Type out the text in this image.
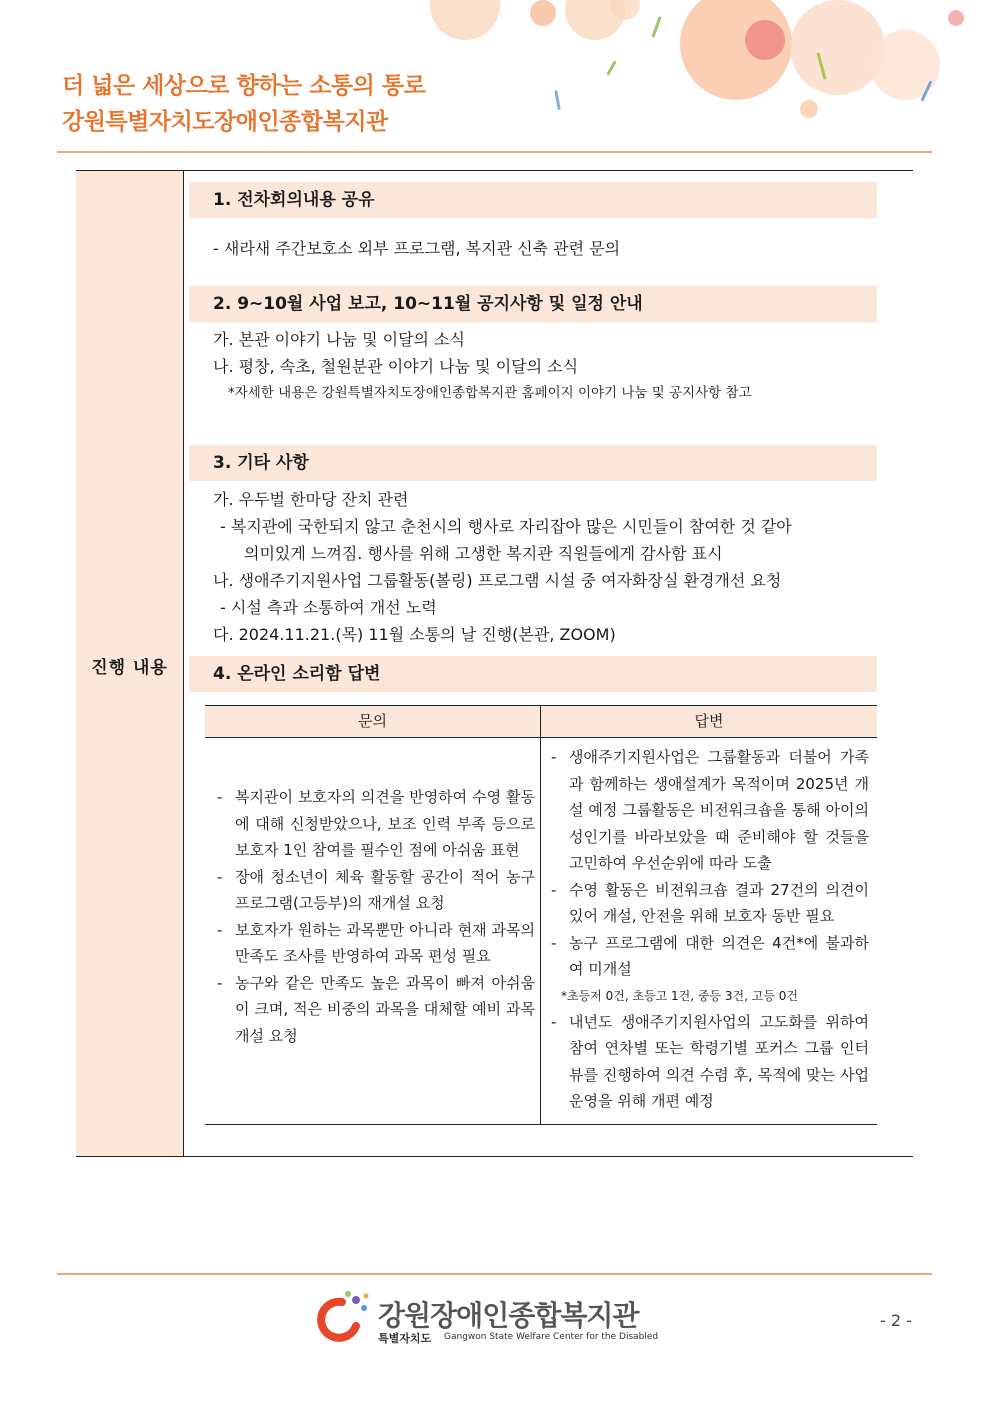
더 넓은 세상으로 향하는 소통의 통로
강원특별자치도장애인종합복지관
진행 내용
1. 전차회의내용 공유
- 새라새 주간보호소 외부 프로그램, 복지관 신축 관련 문의
2. 9~10월 사업 보고, 10~11월 공지사항 및 일정 안내
가. 본관 이야기 나눔 및 이달의 소식
나. 평창, 속초, 철원분관 이야기 나눔 및 이달의 소식
*자세한 내용은 강원특별자치도장애인종합복지관 홈페이지 이야기 나눔 및 공지사항 참고
3. 기타 사항
가. 우두벌 한마당 잔치 관련
- 복지관에 국한되지 않고 춘천시의 행사로 자리잡아 많은 시민들이 참여한 것 같아
의미있게 느껴짐. 행사를 위해 고생한 복지관 직원들에게 감사함 표시
나. 생애주기지원사업 그룹활동(볼링) 프로그램 시설 중 여자화장실 환경개선 요청
- 시설 측과 소통하여 개선 노력
다. 2024.11.21.(목) 11월 소통의 날 진행(본관, ZOOM)
4. 온라인 소리함 답변
문의	답변
- 복지관이 보호자의 의견을 반영하여 수영 활동에 대해 신청받았으나, 보조 인력 부족 등으로 보호자 1인 참여를 필수인 점에 아쉬움 표현
- 장애 청소년이 체육 활동할 공간이 적어 농구 프로그램(고등부)의 재개설 요청
- 보호자가 원하는 과목뿐만 아니라 현재 과목의 만족도 조사를 반영하여 과목 편성 필요
- 농구와 같은 만족도 높은 과목이 빠져 아쉬움이 크며, 적은 비중의 과목을 대체할 예비 과목 개설 요청
- 생애주기지원사업은 그룹활동과 더불어 가족과 함께하는 생애설계가 목적이며 2025년 개설 예정 그룹활동은 비전워크숍을 통해 아이의 성인기를 바라보았을 때 준비해야 할 것들을 고민하여 우선순위에 따라 도출
- 수영 활동은 비전워크숍 결과 27건의 의견이 있어 개설, 안전을 위해 보호자 동반 필요
- 농구 프로그램에 대한 의견은 4건*에 불과하여 미개설
*초등저 0건, 초등고 1건, 중등 3건, 고등 0건
- 내년도 생애주기지원사업의 고도화를 위하여 참여 연차별 또는 학령기별 포커스 그룹 인터뷰를 진행하여 의견 수렴 후, 목적에 맞는 사업 운영을 위해 개편 예정
강원장애인종합복지관
특별자치도 Gangwon State Welfare Center for the Disabled
- 2 -
